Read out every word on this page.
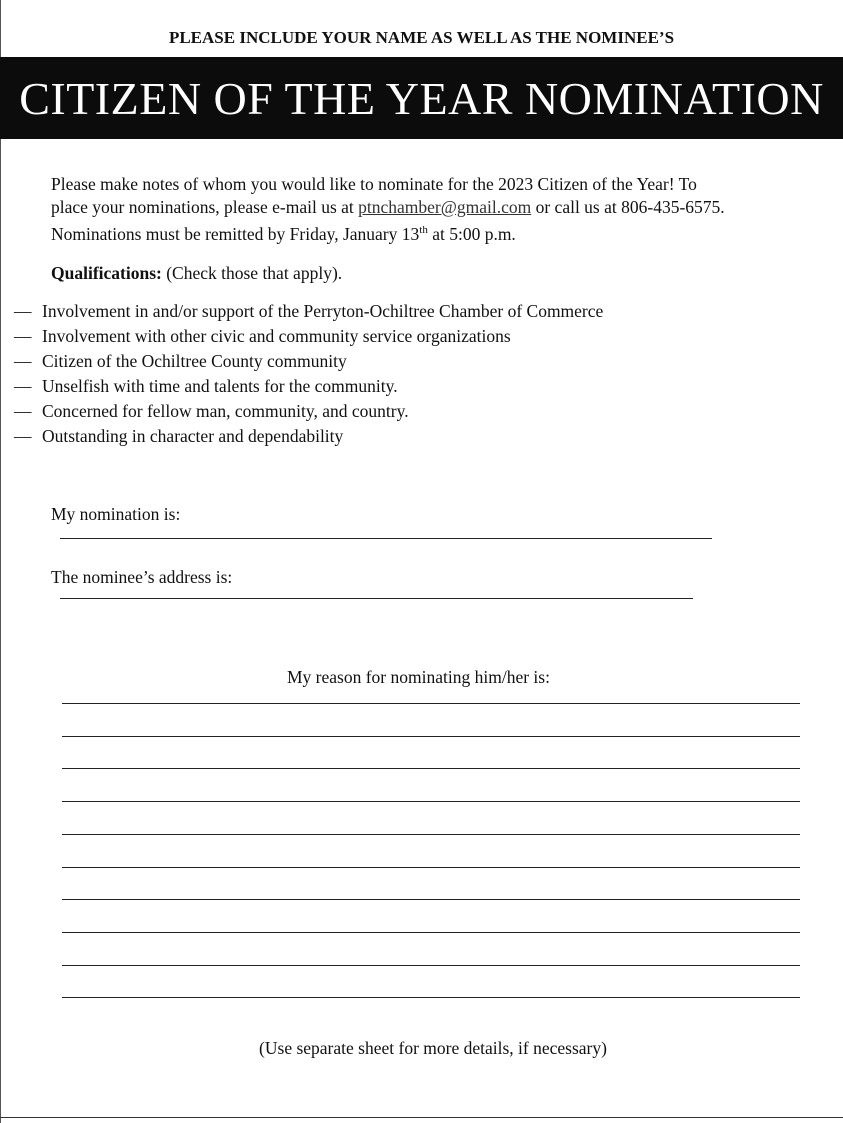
PLEASE INCLUDE YOUR NAME AS WELL AS THE NOMINEE’S
CITIZEN OF THE YEAR NOMINATION
Please make notes of whom you would like to nominate for the 2023 Citizen of the Year! To
place your nominations, please e-mail us at ptnchamber@gmail.com or call us at 806-435-6575.
Nominations must be remitted by Friday, January 13th at 5:00 p.m.
Qualifications: (Check those that apply).
— Involvement in and/or support of the Perryton-Ochiltree Chamber of Commerce
— Involvement with other civic and community service organizations
— Citizen of the Ochiltree County community
— Unselfish with time and talents for the community.
— Concerned for fellow man, community, and country.
— Outstanding in character and dependability
My nomination is:
The nominee’s address is:
My reason for nominating him/her is:
(Use separate sheet for more details, if necessary)
